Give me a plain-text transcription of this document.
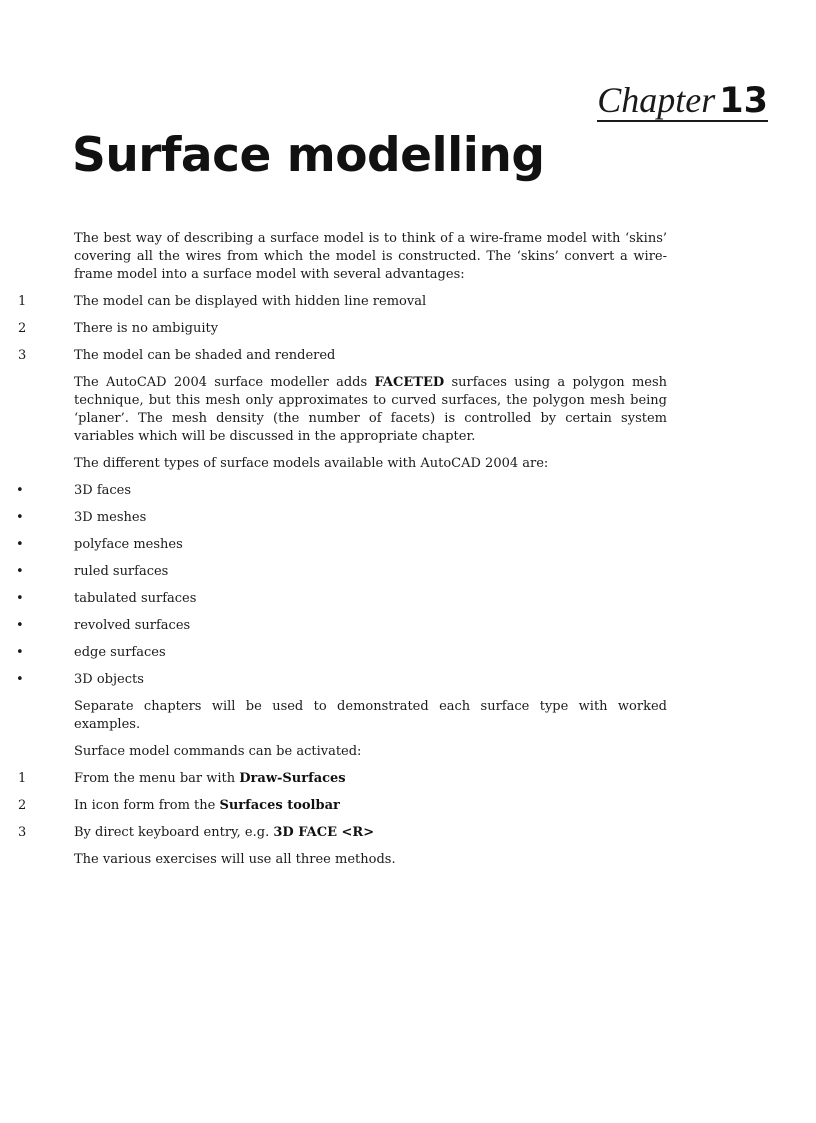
Chapter 13
Surface modelling

The best way of describing a surface model is to think of a wire-frame model with ‘skins’ covering all the wires from which the model is constructed. The ‘skins’ convert a wire-frame model into a surface model with several advantages:

1	The model can be displayed with hidden line removal
2	There is no ambiguity
3	The model can be shaded and rendered

The AutoCAD 2004 surface modeller adds FACETED surfaces using a polygon mesh technique, but this mesh only approximates to curved surfaces, the polygon mesh being ‘planer’. The mesh density (the number of facets) is controlled by certain system variables which will be discussed in the appropriate chapter.

The different types of surface models available with AutoCAD 2004 are:

•	3D faces
•	3D meshes
•	polyface meshes
•	ruled surfaces
•	tabulated surfaces
•	revolved surfaces
•	edge surfaces
•	3D objects

Separate chapters will be used to demonstrated each surface type with worked examples.

Surface model commands can be activated:

1	From the menu bar with Draw-Surfaces
2	In icon form from the Surfaces toolbar
3	By direct keyboard entry, e.g. 3D FACE <R>

The various exercises will use all three methods.
